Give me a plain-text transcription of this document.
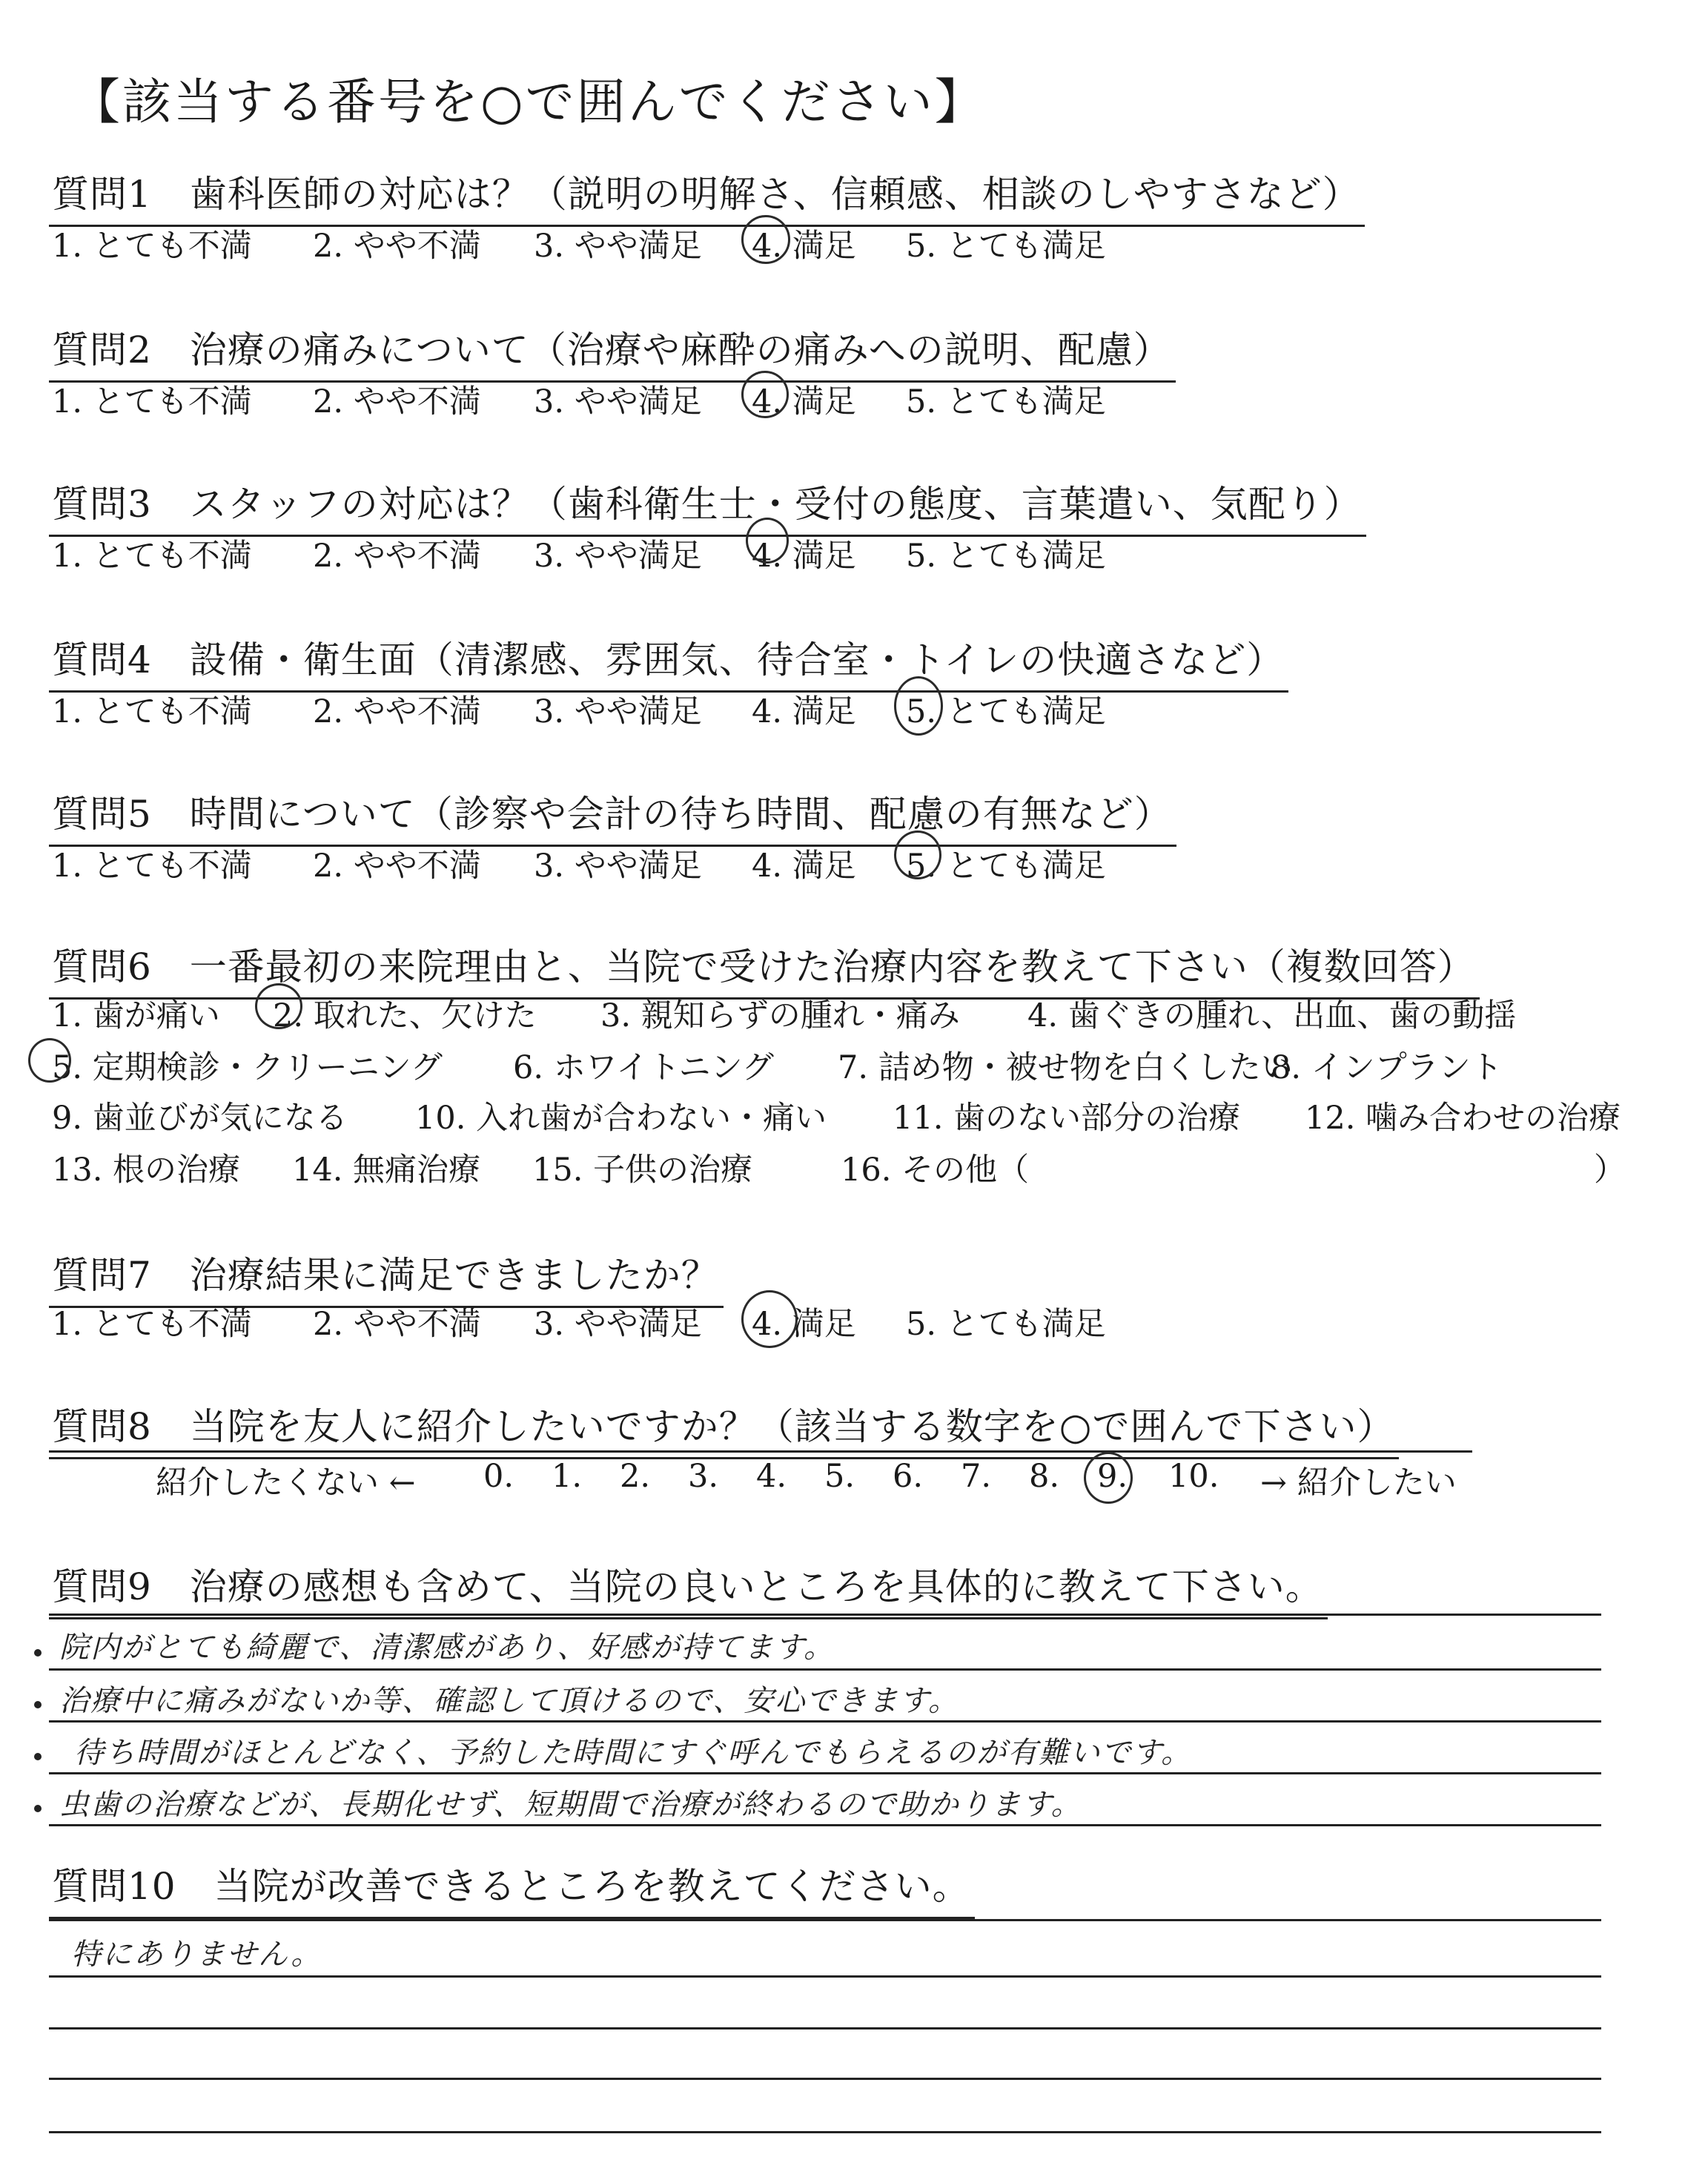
【該当する番号を○で囲んでください】
質問1　歯科医師の対応は？（説明の明解さ、信頼感、相談のしやすさなど）
1. とても不満 2. やや不満 3. やや満足 4. 満足 5. とても満足
質問2　治療の痛みについて（治療や麻酔の痛みへの説明、配慮）
1. とても不満 2. やや不満 3. やや満足 4. 満足 5. とても満足
質問3　スタッフの対応は？（歯科衛生士・受付の態度、言葉遣い、気配り）
1. とても不満 2. やや不満 3. やや満足 4. 満足 5. とても満足
質問4　設備・衛生面（清潔感、雰囲気、待合室・トイレの快適さなど）
1. とても不満 2. やや不満 3. やや満足 4. 満足 5. とても満足
質問5　時間について（診察や会計の待ち時間、配慮の有無など）
1. とても不満 2. やや不満 3. やや満足 4. 満足 5. とても満足
質問6　一番最初の来院理由と、当院で受けた治療内容を教えて下さい（複数回答）
1. 歯が痛い 2. 取れた、欠けた 3. 親知らずの腫れ・痛み 4. 歯ぐきの腫れ、出血、歯の動揺
5. 定期検診・クリーニング 6. ホワイトニング 7. 詰め物・被せ物を白くしたい
8. インプラント
9. 歯並びが気になる 10. 入れ歯が合わない・痛い 11. 歯のない部分の治療 12. 噛み合わせの治療
13. 根の治療 14. 無痛治療 15. 子供の治療	16. その他（	）
質問7　治療結果に満足できましたか？
1. とても不満 2. やや不満 3. やや満足 4. 満足 5. とても満足
質問8　当院を友人に紹介したいですか？（該当する数字を○で囲んで下さい）
紹介したくない ← 0. 1. 2. 3. 4. 5. 6. 7. 8. 9. 10. → 紹介したい
質問9　治療の感想も含めて、当院の良いところを具体的に教えて下さい。
院内がとても綺麗で、清潔感があり、好感が持てます。
治療中に痛みがないか等、確認して頂けるので、安心できます。
待ち時間がほとんどなく、予約した時間にすぐ呼んでもらえるのが有難いです。
虫歯の治療などが、長期化せず、短期間で治療が終わるので助かります。
質問10　当院が改善できるところを教えてください。
特にありません。
